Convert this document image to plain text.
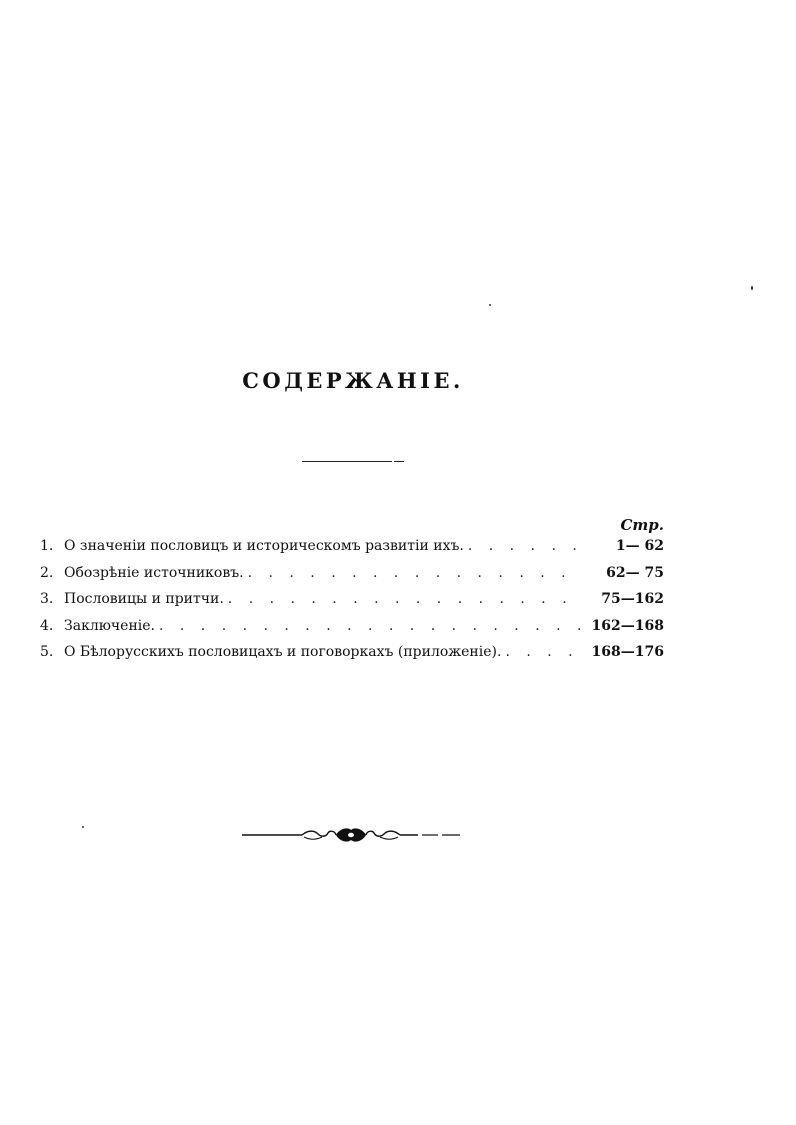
СОДЕРЖАНІЕ.
Стр.
1. О значеніи пословицъ и историческомъ развитіи ихъ. . . .	1— 62
2. Обозрѣніе источниковъ. . . .	62— 75
3. Пословицы и притчи. . . .	75—162
4. Заключеніе. . . .	162—168
5. О Бѣлорусскихъ пословицахъ и поговоркахъ (приложеніе). . . .	168—176
